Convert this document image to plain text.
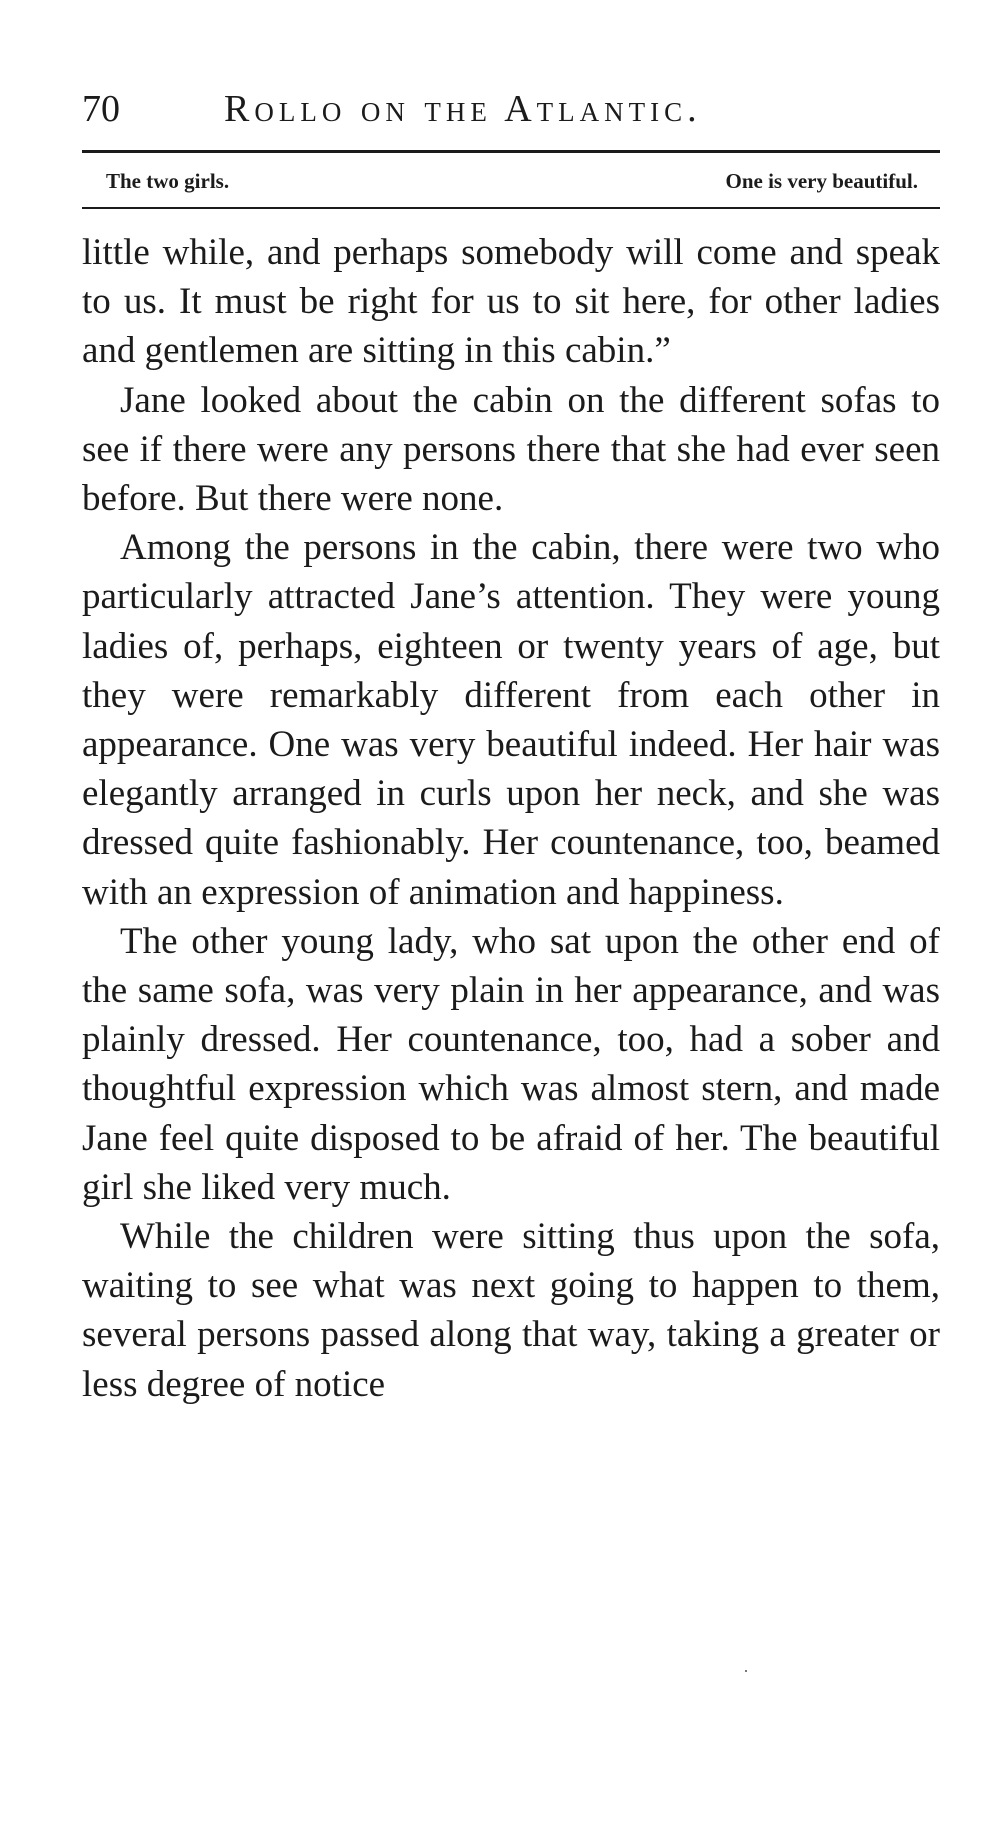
70	Rollo on the Atlantic.
The two girls.	One is very beautiful.

little while, and perhaps somebody will come and speak to us. It must be right for us to sit here, for other ladies and gentlemen are sitting in this cabin.”

Jane looked about the cabin on the different sofas to see if there were any persons there that she had ever seen before. But there were none.

Among the persons in the cabin, there were two who particularly attracted Jane’s attention. They were young ladies of, perhaps, eighteen or twenty years of age, but they were remarkably different from each other in appearance. One was very beautiful indeed. Her hair was elegantly arranged in curls upon her neck, and she was dressed quite fashionably. Her countenance, too, beamed with an expression of animation and happiness.

The other young lady, who sat upon the other end of the same sofa, was very plain in her appearance, and was plainly dressed. Her countenance, too, had a sober and thoughtful expression which was almost stern, and made Jane feel quite disposed to be afraid of her. The beautiful girl she liked very much.

While the children were sitting thus upon the sofa, waiting to see what was next going to happen to them, several persons passed along that way, taking a greater or less degree of notice
